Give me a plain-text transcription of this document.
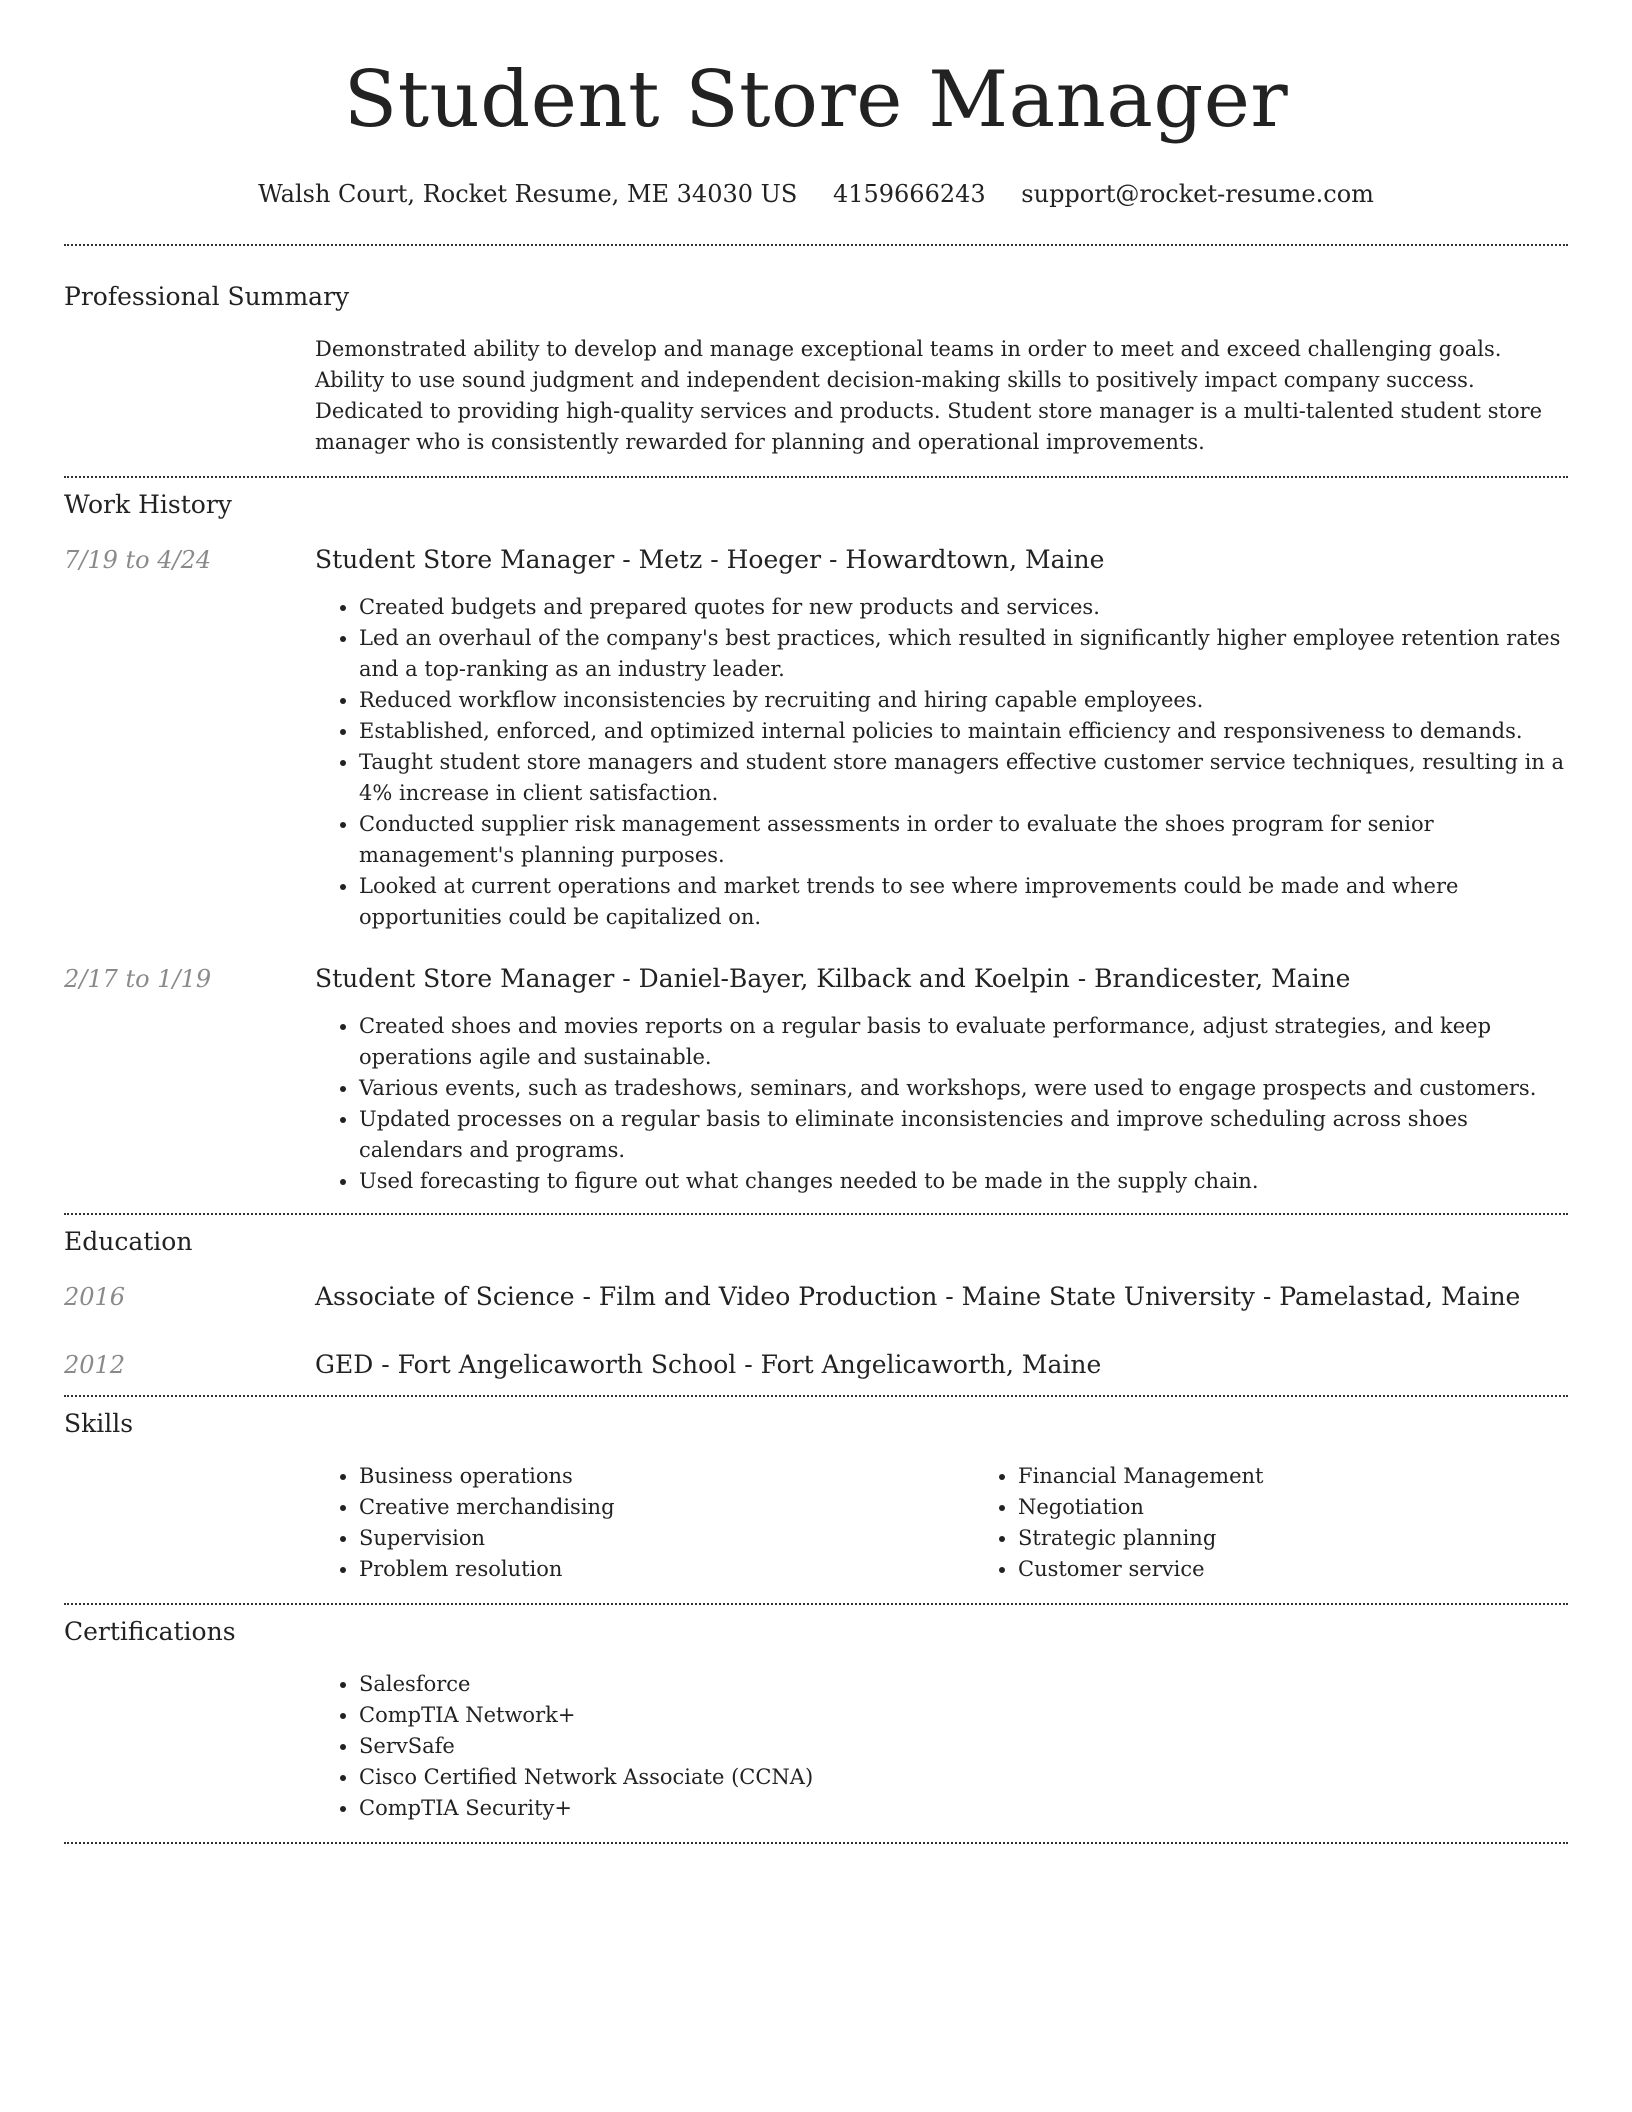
Student Store Manager
Walsh Court, Rocket Resume, ME 34030 US 4159666243 support@rocket-resume.com
Professional Summary

Demonstrated ability to develop and manage exceptional teams in order to meet and exceed challenging goals. Ability to use sound judgment and independent decision-making skills to positively impact company success. Dedicated to providing high-quality services and products. Student store manager is a multi-talented student store manager who is consistently rewarded for planning and operational improvements.

Work History
7/19 to 4/24	Student Store Manager - Metz - Hoeger - Howardtown, Maine
• Created budgets and prepared quotes for new products and services.
• Led an overhaul of the company's best practices, which resulted in significantly higher employee retention rates and a top-ranking as an industry leader.
• Reduced workflow inconsistencies by recruiting and hiring capable employees.
• Established, enforced, and optimized internal policies to maintain efficiency and responsiveness to demands.
• Taught student store managers and student store managers effective customer service techniques, resulting in a 4% increase in client satisfaction.
• Conducted supplier risk management assessments in order to evaluate the shoes program for senior management's planning purposes.
• Looked at current operations and market trends to see where improvements could be made and where opportunities could be capitalized on.
2/17 to 1/19	Student Store Manager - Daniel-Bayer, Kilback and Koelpin - Brandicester, Maine
• Created shoes and movies reports on a regular basis to evaluate performance, adjust strategies, and keep operations agile and sustainable.
• Various events, such as tradeshows, seminars, and workshops, were used to engage prospects and customers.
• Updated processes on a regular basis to eliminate inconsistencies and improve scheduling across shoes calendars and programs.
• Used forecasting to figure out what changes needed to be made in the supply chain.
Education
2016	Associate of Science - Film and Video Production - Maine State University - Pamelastad, Maine
2012	GED - Fort Angelicaworth School - Fort Angelicaworth, Maine
Skills
• Business operations
• Creative merchandising
• Supervision
• Problem resolution
• Financial Management
• Negotiation
• Strategic planning
• Customer service
Certifications
• Salesforce
• CompTIA Network+
• ServSafe
• Cisco Certified Network Associate (CCNA)
• CompTIA Security+
